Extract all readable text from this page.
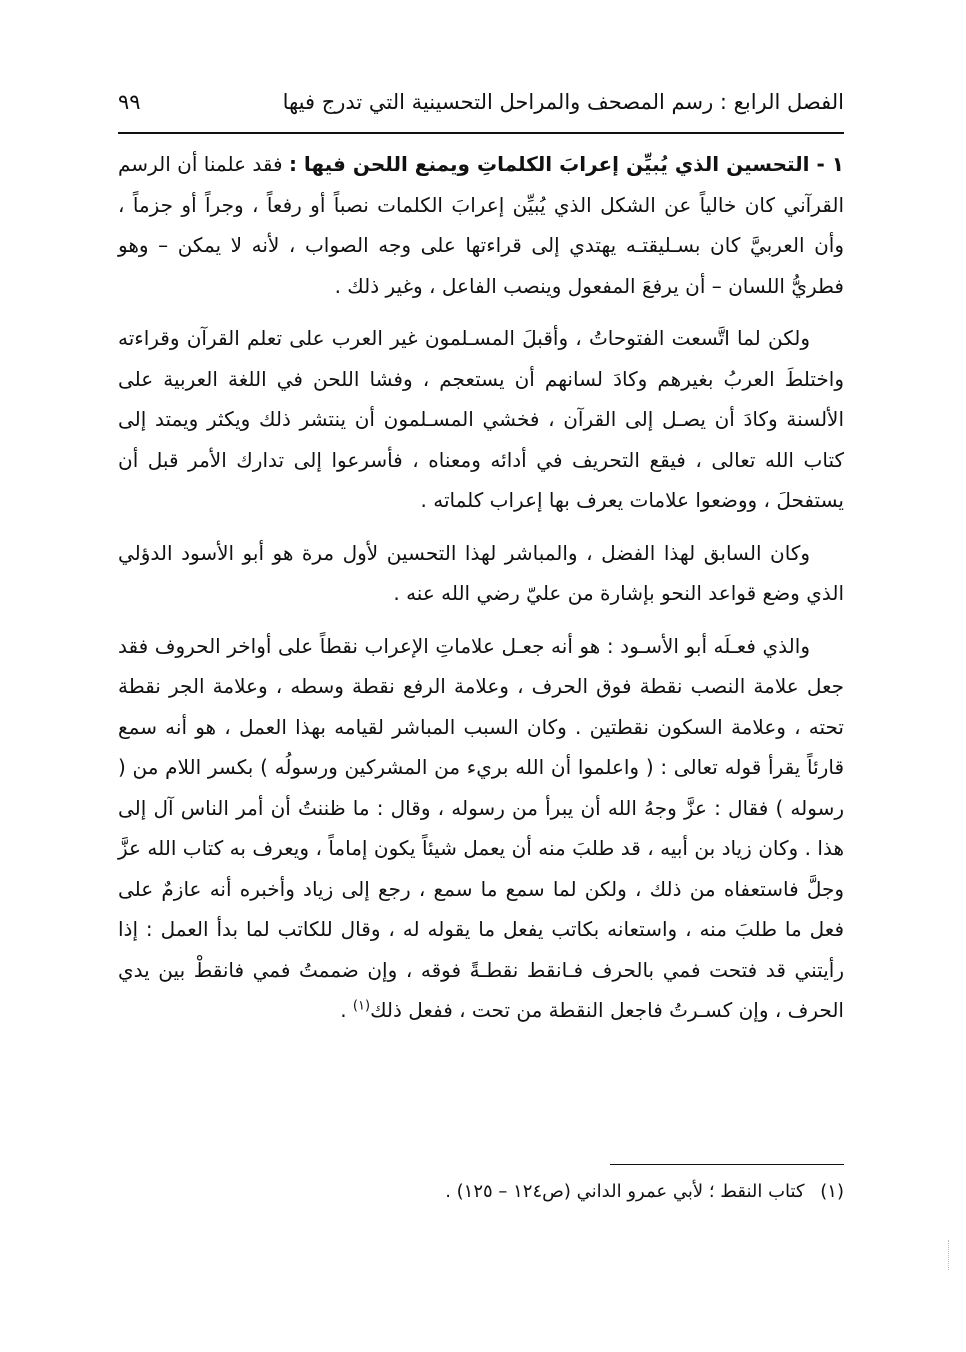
الفصل الرابع : رسم المصحف والمراحل التحسينية التي تدرج فيها
٩٩

١ - التحسين الذي يُبيِّن إعرابَ الكلماتِ ويمنع اللحن فيها : فقد علمنا أن الرسم القرآني كان خالياً عن الشكل الذي يُبيِّن إعرابَ الكلمات نصباً أو رفعاً ، وجراً أو جزماً ، وأن العربيَّ كان بسـليقتـه يهتدي إلى قراءتها على وجه الصواب ، لأنه لا يمكن – وهو فطريُّ اللسان – أن يرفعَ المفعول وينصب الفاعل ، وغير ذلك .

ولكن لما اتَّسعت الفتوحاتُ ، وأقبلَ المسـلمون غير العرب على تعلم القرآن وقراءته واختلطَ العربُ بغيرهم وكادَ لسانهم أن يستعجم ، وفشا اللحن في اللغة العربية على الألسنة وكادَ أن يصـل إلى القرآن ، فخشي المسـلمون أن ينتشر ذلك ويكثر ويمتد إلى كتاب الله تعالى ، فيقع التحريف في أدائه ومعناه ، فأسرعوا إلى تدارك الأمر قبل أن يستفحلَ ، ووضعوا علامات يعرف بها إعراب كلماته .

وكان السابق لهذا الفضل ، والمباشر لهذا التحسين لأول مرة هو أبو الأسود الدؤلي الذي وضع قواعد النحو بإشارة من عليّ رضي الله عنه .

والذي فعـلَه أبو الأسـود : هو أنه جعـل علاماتِ الإعراب نقطاً على أواخر الحروف فقد جعل علامة النصب نقطة فوق الحرف ، وعلامة الرفع نقطة وسطه ، وعلامة الجر نقطة تحته ، وعلامة السكون نقطتين . وكان السبب المباشر لقيامه بهذا العمل ، هو أنه سمع قارئاً يقرأ قوله تعالى : ( واعلموا أن الله بريء من المشركين ورسولُه ) بكسر اللام من ( رسوله ) فقال : عزَّ وجهُ الله أن يبرأ من رسوله ، وقال : ما ظننتُ أن أمر الناس آل إلى هذا . وكان زياد بن أبيه ، قد طلبَ منه أن يعمل شيئاً يكون إماماً ، ويعرف به كتاب الله عزَّ وجلَّ فاستعفاه من ذلك ، ولكن لما سمع ما سمع ، رجع إلى زياد وأخبره أنه عازمٌ على فعل ما طلبَ منه ، واستعانه بكاتب يفعل ما يقوله له ، وقال للكاتب لما بدأ العمل : إذا رأيتني قد فتحت فمي بالحرف فـانقط نقطـةً فوقه ، وإن ضممتُ فمي فانقطْ بين يدي الحرف ، وإن كسـرتُ فاجعل النقطة من تحت ، ففعل ذلك$^{(١)}$ .

(١) كتاب النقط ؛ لأبي عمرو الداني (ص١٢٤ – ١٢٥) .
